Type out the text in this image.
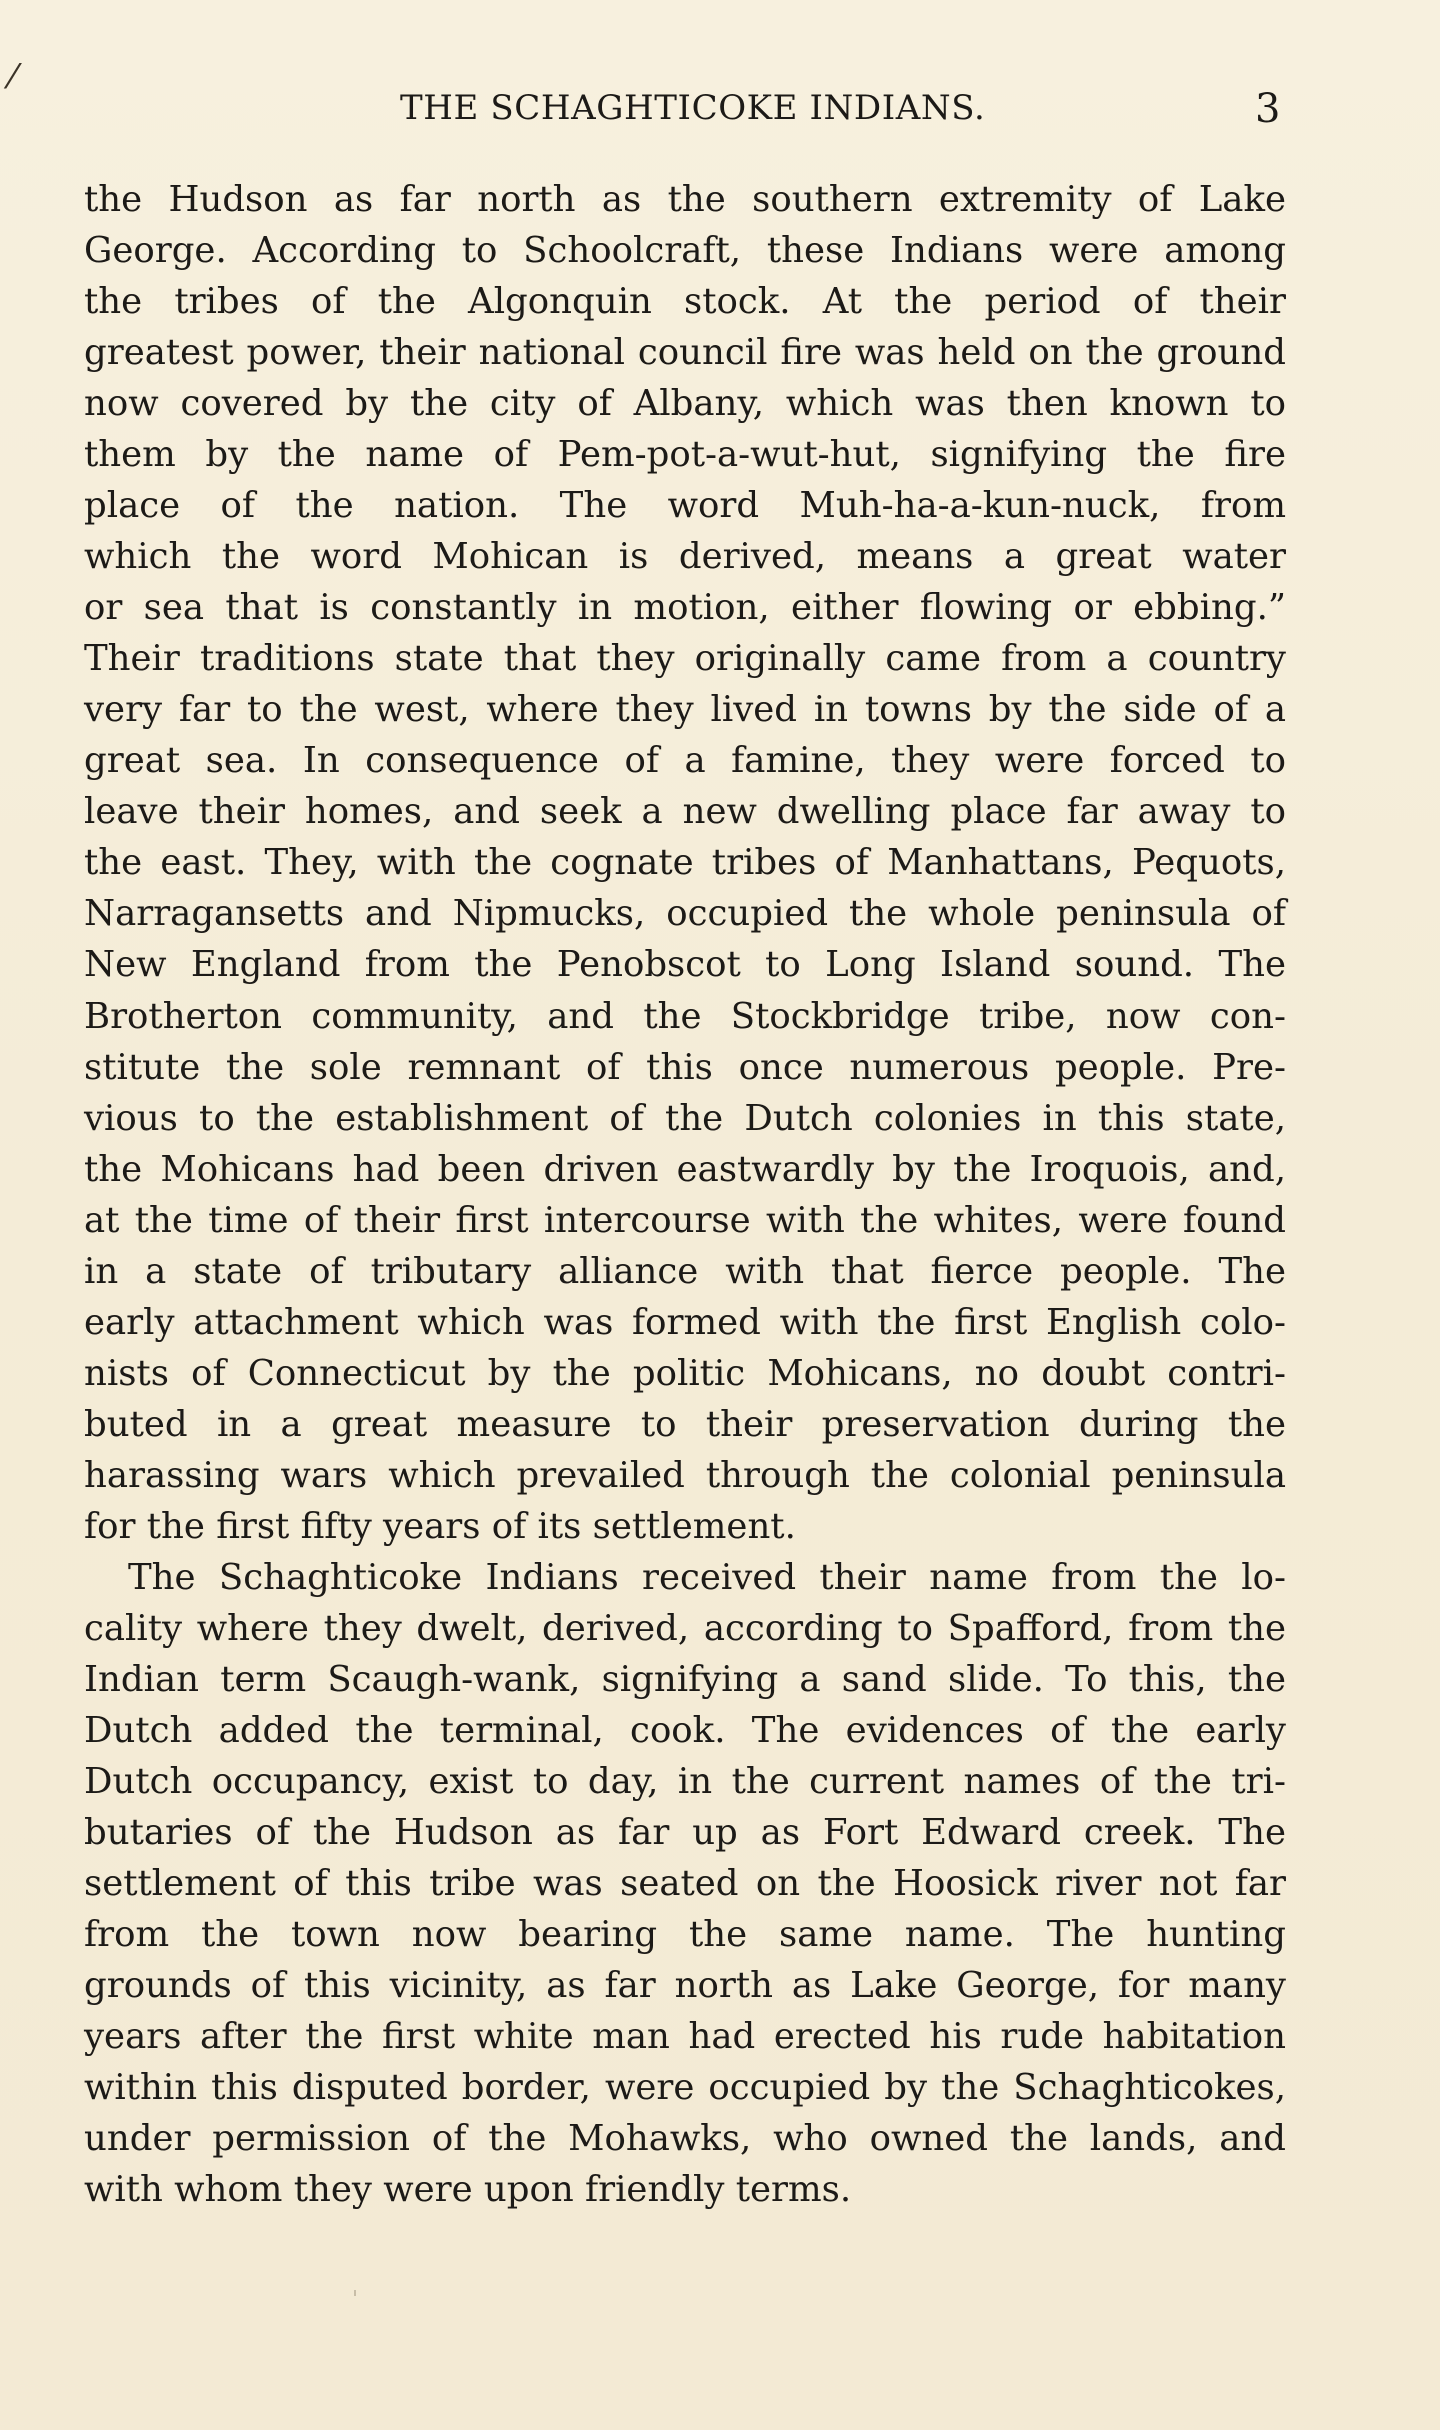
⁄
THE SCHAGHTICOKE INDIANS.	3
the Hudson as far north as the southern extremity of Lake
George. According to Schoolcraft, these Indians were among
the tribes of the Algonquin stock. At the period of their
greatest power, their national council fire was held on the ground
now covered by the city of Albany, which was then known to
them by the name of Pem-pot-a-wut-hut, signifying the fire
place of the nation. The word Muh-ha-a-kun-nuck, from
which the word Mohican is derived, means a great water
or sea that is constantly in motion, either flowing or ebbing.”
Their traditions state that they originally came from a country
very far to the west, where they lived in towns by the side of a
great sea. In consequence of a famine, they were forced to
leave their homes, and seek a new dwelling place far away to
the east. They, with the cognate tribes of Manhattans, Pequots,
Narragansetts and Nipmucks, occupied the whole peninsula of
New England from the Penobscot to Long Island sound. The
Brotherton community, and the Stockbridge tribe, now con-
stitute the sole remnant of this once numerous people. Pre-
vious to the establishment of the Dutch colonies in this state,
the Mohicans had been driven eastwardly by the Iroquois, and,
at the time of their first intercourse with the whites, were found
in a state of tributary alliance with that fierce people. The
early attachment which was formed with the first English colo-
nists of Connecticut by the politic Mohicans, no doubt contri-
buted in a great measure to their preservation during the
harassing wars which prevailed through the colonial peninsula
for the first fifty years of its settlement.
The Schaghticoke Indians received their name from the lo-
cality where they dwelt, derived, according to Spafford, from the
Indian term Scaugh-wank, signifying a sand slide. To this, the
Dutch added the terminal, cook. The evidences of the early
Dutch occupancy, exist to day, in the current names of the tri-
butaries of the Hudson as far up as Fort Edward creek. The
settlement of this tribe was seated on the Hoosick river not far
from the town now bearing the same name. The hunting
grounds of this vicinity, as far north as Lake George, for many
years after the first white man had erected his rude habitation
within this disputed border, were occupied by the Schaghticokes,
under permission of the Mohawks, who owned the lands, and
with whom they were upon friendly terms.
